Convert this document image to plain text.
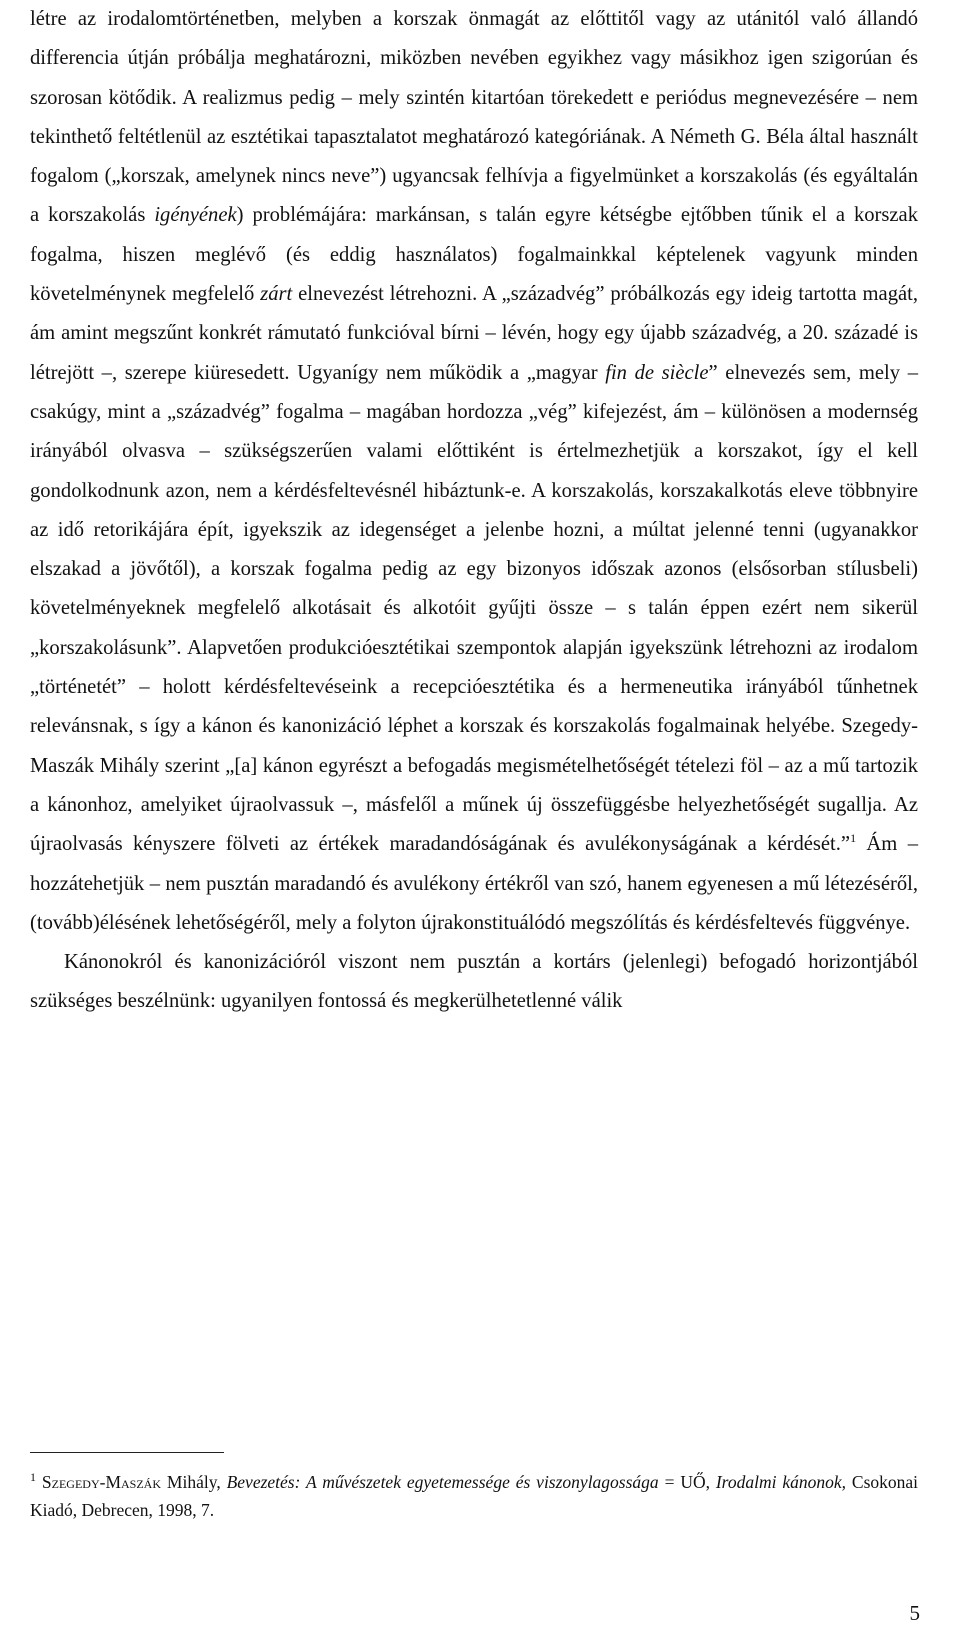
létre az irodalomtörténetben, melyben a korszak önmagát az előttitől vagy az utánitól való állandó differencia útján próbálja meghatározni, miközben nevében egyikhez vagy másikhoz igen szigorúan és szorosan kötődik. A realizmus pedig – mely szintén kitartóan törekedett e periódus megnevezésére – nem tekinthető feltétlenül az esztétikai tapasztalatot meghatározó kategóriának. A Németh G. Béla által használt fogalom („korszak, amelynek nincs neve”) ugyancsak felhívja a figyelmünket a korszakolás (és egyáltalán a korszakolás igényének) problémájára: markánsan, s talán egyre kétségbe ejtőbben tűnik el a korszak fogalma, hiszen meglévő (és eddig használatos) fogalmainkkal képtelenek vagyunk minden követelménynek megfelelő zárt elnevezést létrehozni. A „századvég” próbálkozás egy ideig tartotta magát, ám amint megszűnt konkrét rámutató funkcióval bírni – lévén, hogy egy újabb századvég, a 20. századé is létrejött –, szerepe kiüresedett. Ugyanígy nem működik a „magyar fin de siècle” elnevezés sem, mely – csakúgy, mint a „századvég” fogalma – magában hordozza „vég” kifejezést, ám – különösen a modernség irányából olvasva – szükségszerűen valami előttiként is értelmezhetjük a korszakot, így el kell gondolkodnunk azon, nem a kérdésfeltevésnél hibáztunk-e. A korszakolás, korszakalkotás eleve többnyire az idő retorikájára épít, igyekszik az idegenséget a jelenbe hozni, a múltat jelenné tenni (ugyanakkor elszakad a jövőtől), a korszak fogalma pedig az egy bizonyos időszak azonos (elsősorban stílusbeli) követelményeknek megfelelő alkotásait és alkotóit gyűjti össze – s talán éppen ezért nem sikerül „korszakolásunk”. Alapvetően produkcióesztétikai szempontok alapján igyekszünk létrehozni az irodalom „történetét” – holott kérdésfeltevéseink a recepcióesztétika és a hermeneutika irányából tűnhetnek relevánsnak, s így a kánon és kanonizáció léphet a korszak és korszakolás fogalmainak helyébe. Szegedy-Maszák Mihály szerint „[a] kánon egyrészt a befogadás megismételhetőségét tételezi föl – az a mű tartozik a kánonhoz, amelyiket újraolvassuk –, másfelől a műnek új összefüggésbe helyezhetőségét sugallja. Az újraolvasás kényszere fölveti az értékek maradandóságának és avulékonyságának a kérdését.”$^1$ Ám – hozzátehetjük – nem pusztán maradandó és avulékony értékről van szó, hanem egyenesen a mű létezéséről, (tovább)élésének lehetőségéről, mely a folyton újrakonstituálódó megszólítás és kérdésfeltevés függvénye.

Kánonokról és kanonizációról viszont nem pusztán a kortárs (jelenlegi) befogadó horizontjából szükséges beszélnünk: ugyanilyen fontossá és megkerülhetetlenné válik

$^1$ Szegedy-Maszák Mihály, Bevezetés: A művészetek egyetemessége és viszonylagossága = UŐ, Irodalmi kánonok, Csokonai Kiadó, Debrecen, 1998, 7.

5
